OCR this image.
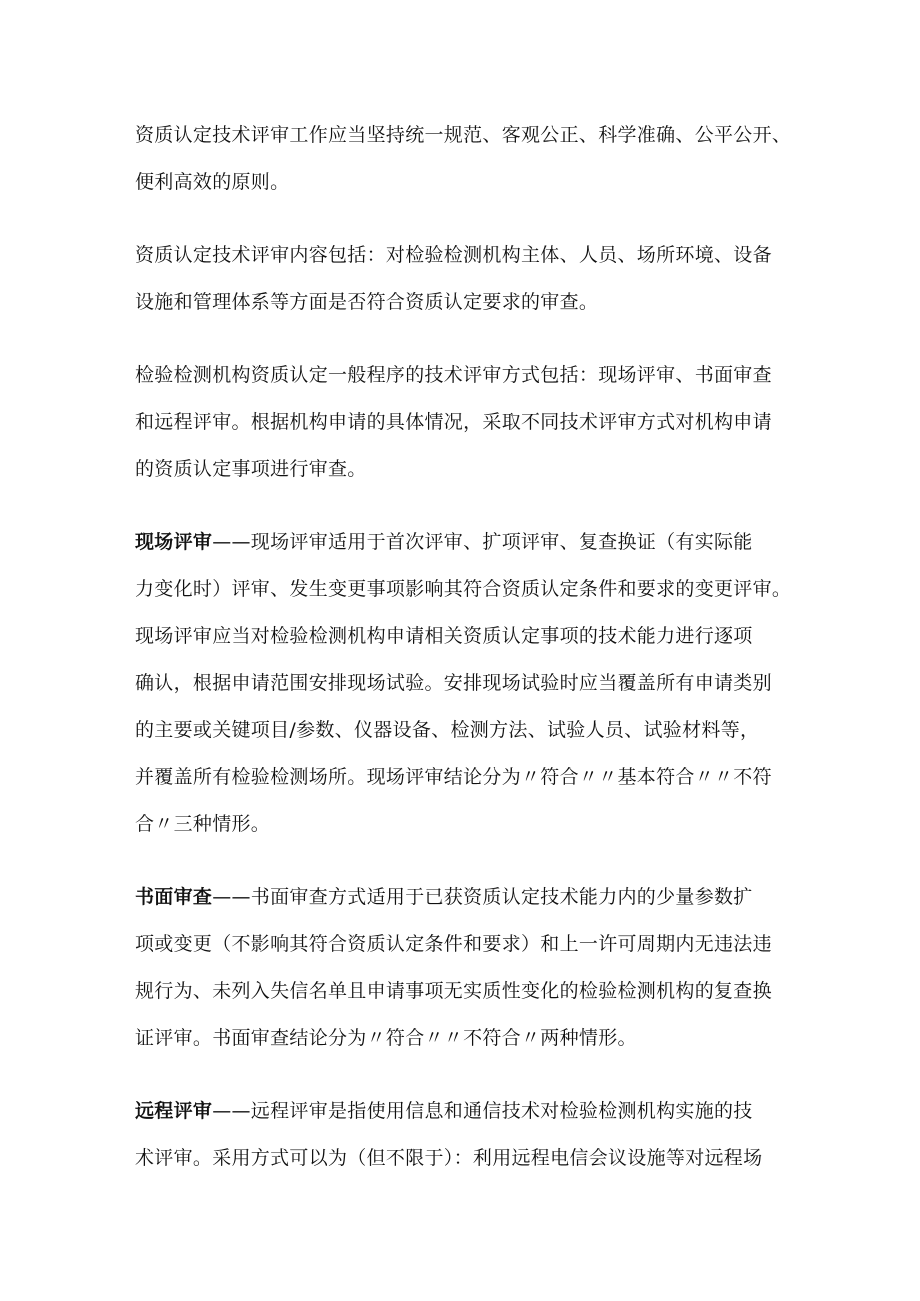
资质认定技术评审工作应当坚持统一规范、客观公正、科学准确、公平公开、
便利高效的原则。
资质认定技术评审内容包括：对检验检测机构主体、人员、场所环境、设备
设施和管理体系等方面是否符合资质认定要求的审查。
检验检测机构资质认定一般程序的技术评审方式包括：现场评审、书面审查
和远程评审。根据机构申请的具体情况，采取不同技术评审方式对机构申请
的资质认定事项进行审查。
现场评审——现场评审适用于首次评审、扩项评审、复查换证（有实际能
力变化时）评审、发生变更事项影响其符合资质认定条件和要求的变更评审。
现场评审应当对检验检测机构申请相关资质认定事项的技术能力进行逐项
确认，根据申请范围安排现场试验。安排现场试验时应当覆盖所有申请类别
的主要或关键项目/参数、仪器设备、检测方法、试验人员、试验材料等，
并覆盖所有检验检测场所。现场评审结论分为〃符合〃〃基本符合〃〃不符
合〃三种情形。
书面审查——书面审查方式适用于已获资质认定技术能力内的少量参数扩
项或变更（不影响其符合资质认定条件和要求）和上一许可周期内无违法违
规行为、未列入失信名单且申请事项无实质性变化的检验检测机构的复查换
证评审。书面审查结论分为〃符合〃〃不符合〃两种情形。
远程评审——远程评审是指使用信息和通信技术对检验检测机构实施的技
术评审。采用方式可以为（但不限于）：利用远程电信会议设施等对远程场
